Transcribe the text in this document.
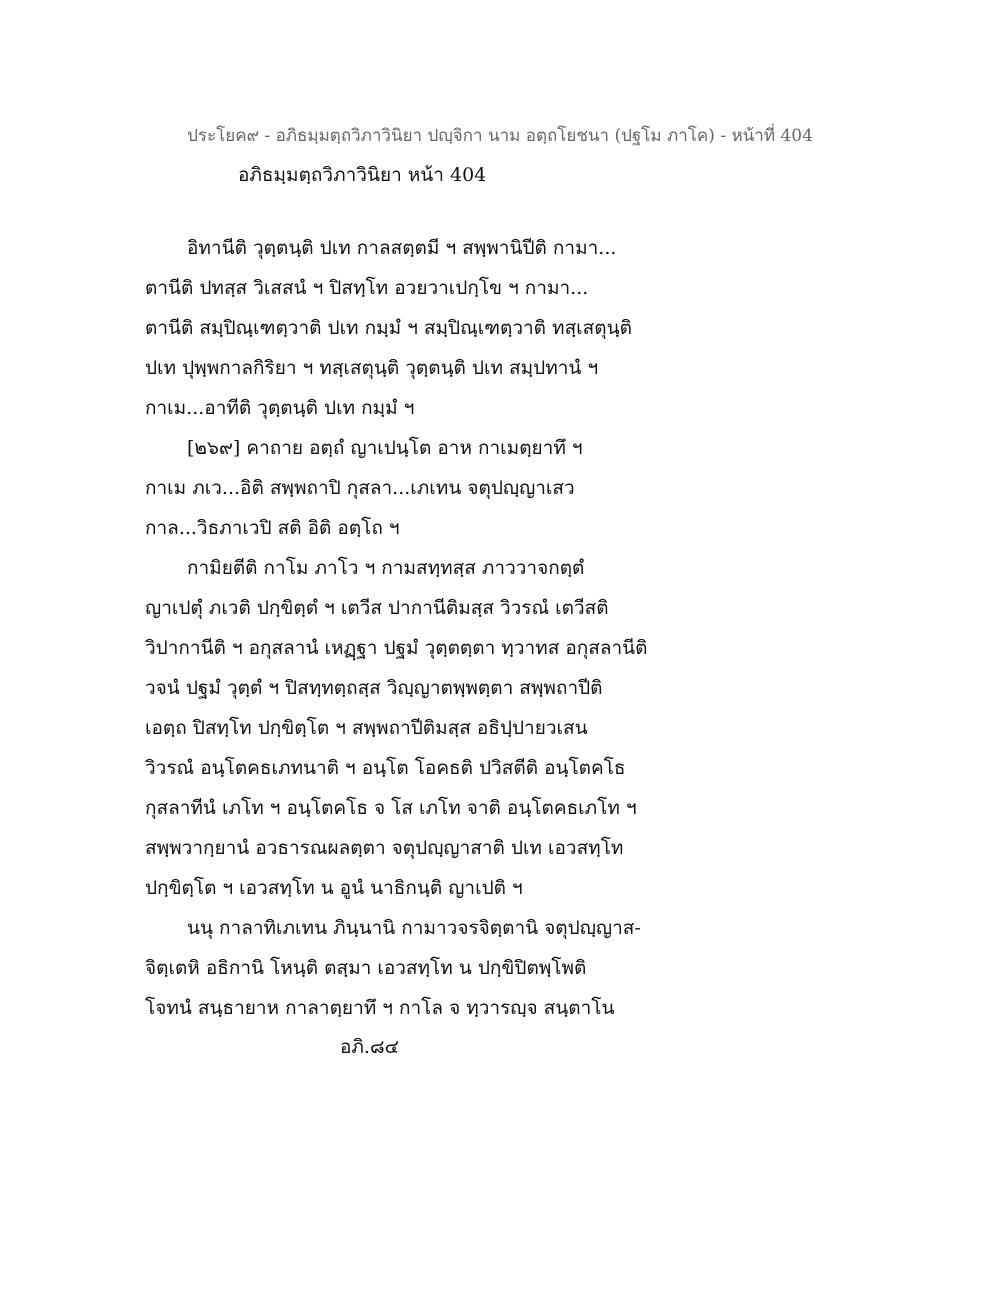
ประโยค๙ - อภิธมฺมตฺถวิภาวินิยา ปญฺจิกา นาม อตฺถโยชนา (ปฐโม ภาโค) - หน้าที่ 404
อภิธมฺมตฺถวิภาวินิยา หน้า 404
อิทานีติ วุตฺตนฺติ ปเท กาลสตฺตมี ฯ สพฺพานิปีติ กามา...
ตานีติ ปทสฺส วิเสสนํ ฯ ปิสทฺโท อวยวาเปกฺโข ฯ กามา...
ตานีติ สมฺปิณฺเฑตฺวาติ ปเท กมฺมํ ฯ สมฺปิณฺเฑตฺวาติ ทสฺเสตุนฺติ
ปเท ปุพฺพกาลกิริยา ฯ ทสฺเสตุนฺติ วุตฺตนฺติ ปเท สมฺปทานํ ฯ
กาเม...อาทีติ วุตฺตนฺติ ปเท กมฺมํ ฯ
[๒๖๙] คาถาย อตฺถํ ญาเปนฺโต อาห กาเมตฺยาทึ ฯ
กาเม ภเว...อิติ สพฺพถาปิ กุสลา...เภเทน จตุปญฺญาเสว
กาล...วิธภาเวปิ สติ อิติ อตฺโถ ฯ
กามิยตีติ กาโม ภาโว ฯ กามสทฺทสฺส ภาววาจกตฺตํ
ญาเปตุํ ภเวติ ปกฺขิตฺตํ ฯ เตวีส ปากานีติมสฺส วิวรณํ เตวีสติ
วิปากานีติ ฯ อกุสลานํ เหฏฺฐา ปฐมํ วุตฺตตฺตา ทฺวาทส อกุสลานีติ
วจนํ ปฐมํ วุตฺตํ ฯ ปิสทฺทตฺถสฺส วิญฺญาตพฺพตฺตา สพฺพถาปีติ
เอตฺถ ปิสทฺโท ปกฺขิตฺโต ฯ สพฺพถาปีติมสฺส อธิปฺปายวเสน
วิวรณํ อนฺโตคธเภทนาติ ฯ อนฺโต โอคธติ ปวิสตีติ อนฺโตคโธ
กุสลาทีนํ เภโท ฯ อนฺโตคโธ จ โส เภโท จาติ อนฺโตคธเภโท ฯ
สพฺพวากฺยานํ อวธารณผลตฺตา จตุปญฺญาสาติ ปเท เอวสทฺโท
ปกฺขิตฺโต ฯ เอวสทฺโท น อูนํ นาธิกนฺติ ญาเปติ ฯ
นนุ กาลาทิเภเทน ภินฺนานิ กามาวจรจิตฺตานิ จตุปญฺญาส-
จิตฺเตหิ อธิกานิ โหนฺติ ตสฺมา เอวสทฺโท น ปกฺขิปิตพฺโพติ
โจทนํ สนฺธายาห กาลาตฺยาทึ ฯ กาโล จ ทฺวารญฺจ สนฺตาโน
อภิ.๘๔
